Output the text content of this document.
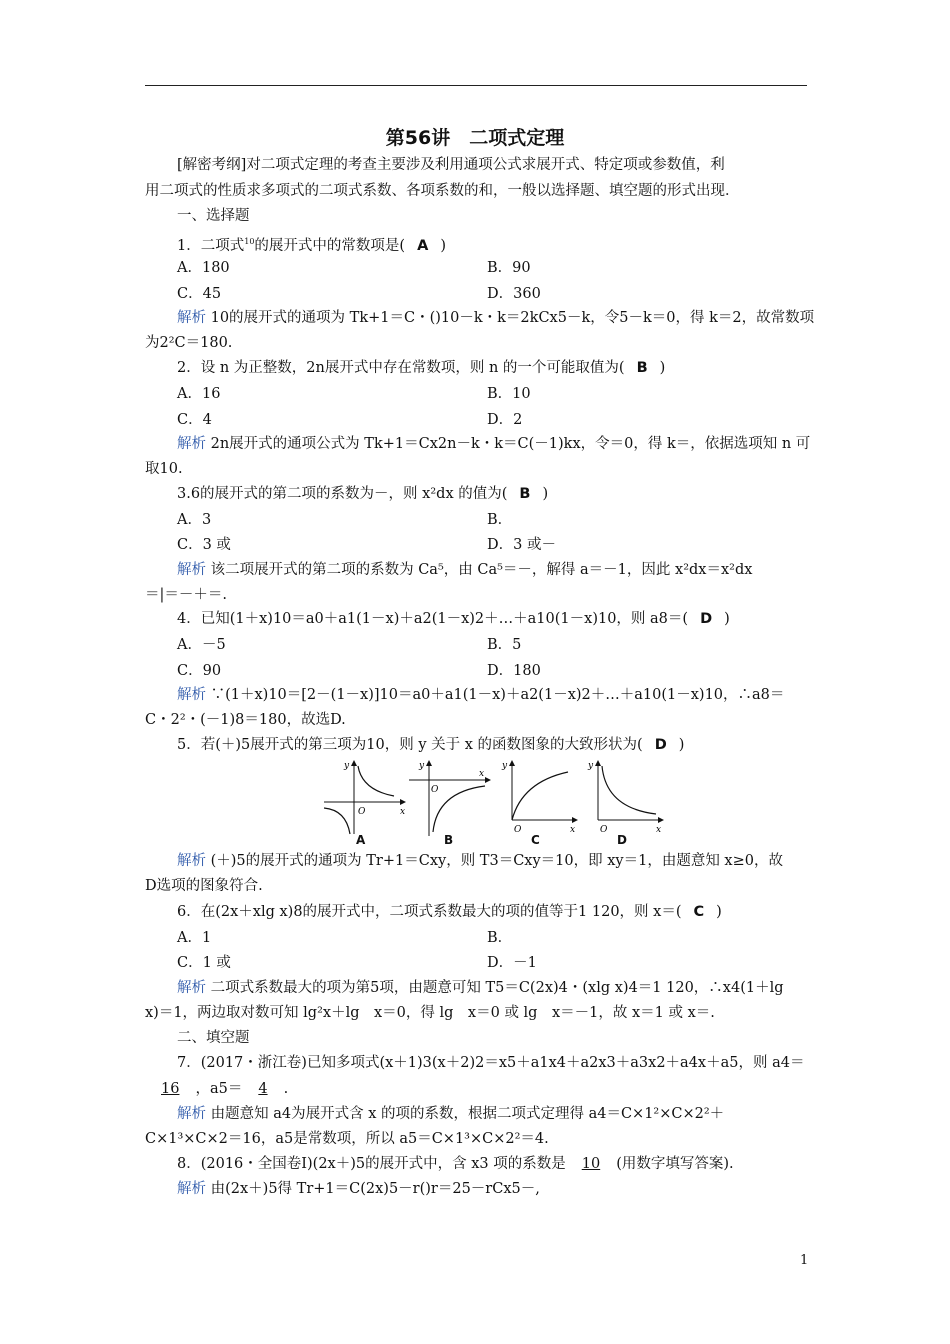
第56讲　二项式定理
[解密考纲]对二项式定理的考查主要涉及利用通项公式求展开式、特定项或参数值，利
用二项式的性质求多项式的二项式系数、各项系数的和，一般以选择题、填空题的形式出现．
一、选择题
1．二项式$^{10}$的展开式中的常数项是( A )
A．180	B．90
C．45	D．360
解析 10的展开式的通项为 Tk+1＝C・()10－k・k＝2kCx5－k，令5－k＝0，得 k＝2，故常数项
为2²C＝180.
2．设 n 为正整数，2n展开式中存在常数项，则 n 的一个可能取值为( B )
A．16	B．10
C．4	D．2
解析 2n展开式的通项公式为 Tk+1＝Cx2n－k・k＝C(－1)kx，令＝0，得 k＝，依据选项知 n 可
取10.
3.6的展开式的第二项的系数为－，则 x²dx 的值为( B )
A．3	B．
C．3 或	D．3 或－
解析 该二项展开式的第二项的系数为 Ca⁵，由 Ca⁵＝－，解得 a＝－1，因此 x²dx＝x²dx
＝|＝－＋＝.
4．已知(1＋x)10＝a0＋a1(1－x)＋a2(1－x)2＋…＋a10(1－x)10，则 a8＝( D )
A．－5	B．5
C．90	D．180
解析 ∵(1＋x)10＝[2－(1－x)]10＝a0＋a1(1－x)＋a2(1－x)2＋…＋a10(1－x)10，∴a8＝
C・2²・(－1)8＝180，故选D.
5．若(＋)5展开式的第三项为10，则 y 关于 x 的函数图象的大致形状为( D )
y
x
O
y
x
O
y
x
O
y
x
O
A	B	C	D
解析 (＋)5的展开式的通项为 Tr+1＝Cxy，则 T3＝Cxy＝10，即 xy＝1，由题意知 x≥0，故
D选项的图象符合.
6．在(2x＋xlg x)8的展开式中，二项式系数最大的项的值等于1 120，则 x＝( C )
A．1	B．
C．1 或	D．－1
解析 二项式系数最大的项为第5项，由题意可知 T5＝C(2x)4・(xlg x)4＝1 120，∴x4(1＋lg
x)＝1，两边取对数可知 lg²x＋lg　x＝0，得 lg　x＝0 或 lg　x＝－1，故 x＝1 或 x＝.
二、填空题
7．(2017・浙江卷)已知多项式(x＋1)3(x＋2)2＝x5＋a1x4＋a2x3＋a3x2＋a4x＋a5，则 a4＝
16 ，a5＝ 4 .
解析 由题意知 a4为展开式含 x 的项的系数，根据二项式定理得 a4＝C×1²×C×2²＋
C×1³×C×2＝16，a5是常数项，所以 a5＝C×1³×C×2²＝4.
8．(2016・全国卷Ⅰ)(2x＋)5的展开式中，含 x3 项的系数是 10 (用数字填写答案).
解析 由(2x＋)5得 Tr+1＝C(2x)5－r()r＝25－rCx5－,
1
